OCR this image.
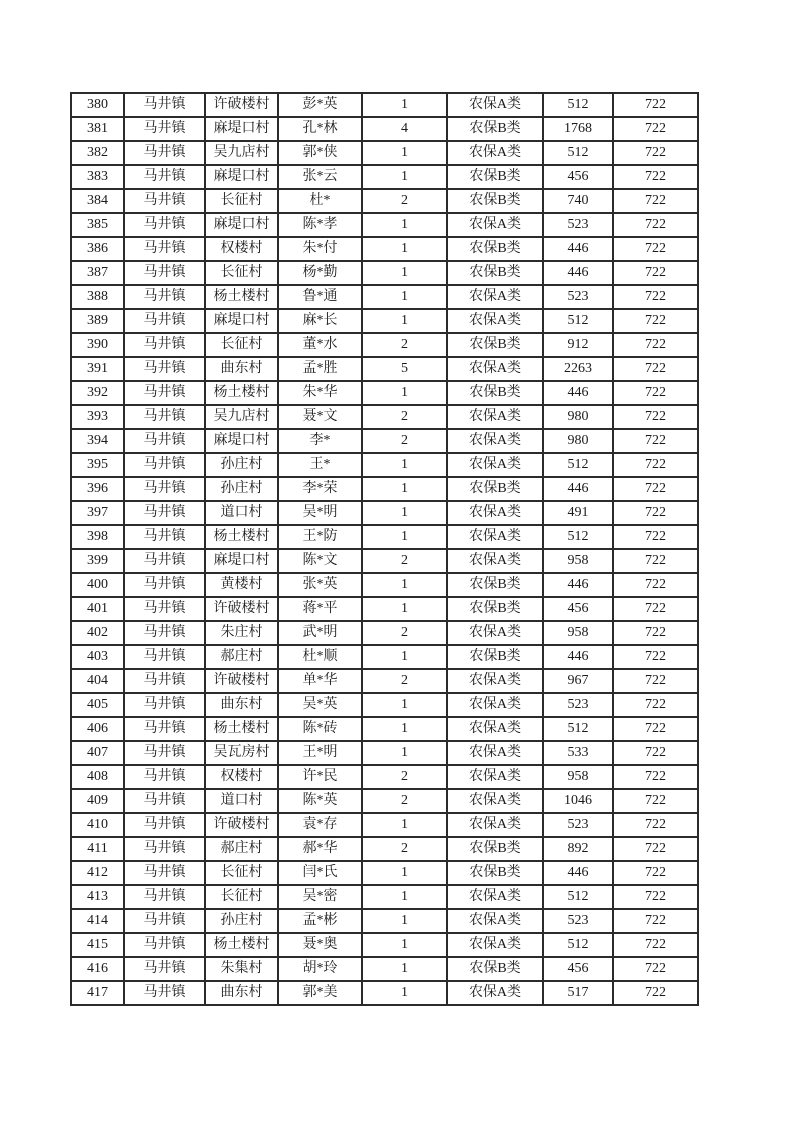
380	马井镇	许破楼村	彭*英	1	农保A类	512	722
381	马井镇	麻堤口村	孔*林	4	农保B类	1768	722
382	马井镇	吴九店村	郭*侠	1	农保A类	512	722
383	马井镇	麻堤口村	张*云	1	农保B类	456	722
384	马井镇	长征村	杜*	2	农保B类	740	722
385	马井镇	麻堤口村	陈*孝	1	农保A类	523	722
386	马井镇	权楼村	朱*付	1	农保B类	446	722
387	马井镇	长征村	杨*勤	1	农保B类	446	722
388	马井镇	杨土楼村	鲁*通	1	农保A类	523	722
389	马井镇	麻堤口村	麻*长	1	农保A类	512	722
390	马井镇	长征村	董*水	2	农保B类	912	722
391	马井镇	曲东村	孟*胜	5	农保A类	2263	722
392	马井镇	杨土楼村	朱*华	1	农保B类	446	722
393	马井镇	吴九店村	聂*文	2	农保A类	980	722
394	马井镇	麻堤口村	李*	2	农保A类	980	722
395	马井镇	孙庄村	王*	1	农保A类	512	722
396	马井镇	孙庄村	李*荣	1	农保B类	446	722
397	马井镇	道口村	吴*明	1	农保A类	491	722
398	马井镇	杨土楼村	王*防	1	农保A类	512	722
399	马井镇	麻堤口村	陈*文	2	农保A类	958	722
400	马井镇	黄楼村	张*英	1	农保B类	446	722
401	马井镇	许破楼村	蒋*平	1	农保B类	456	722
402	马井镇	朱庄村	武*明	2	农保A类	958	722
403	马井镇	郝庄村	杜*顺	1	农保B类	446	722
404	马井镇	许破楼村	单*华	2	农保A类	967	722
405	马井镇	曲东村	吴*英	1	农保A类	523	722
406	马井镇	杨土楼村	陈*砖	1	农保A类	512	722
407	马井镇	吴瓦房村	王*明	1	农保A类	533	722
408	马井镇	权楼村	许*民	2	农保A类	958	722
409	马井镇	道口村	陈*英	2	农保A类	1046	722
410	马井镇	许破楼村	袁*存	1	农保A类	523	722
411	马井镇	郝庄村	郝*华	2	农保B类	892	722
412	马井镇	长征村	闫*氏	1	农保B类	446	722
413	马井镇	长征村	吴*密	1	农保A类	512	722
414	马井镇	孙庄村	孟*彬	1	农保A类	523	722
415	马井镇	杨土楼村	聂*奥	1	农保A类	512	722
416	马井镇	朱集村	胡*玲	1	农保B类	456	722
417	马井镇	曲东村	郭*美	1	农保A类	517	722
